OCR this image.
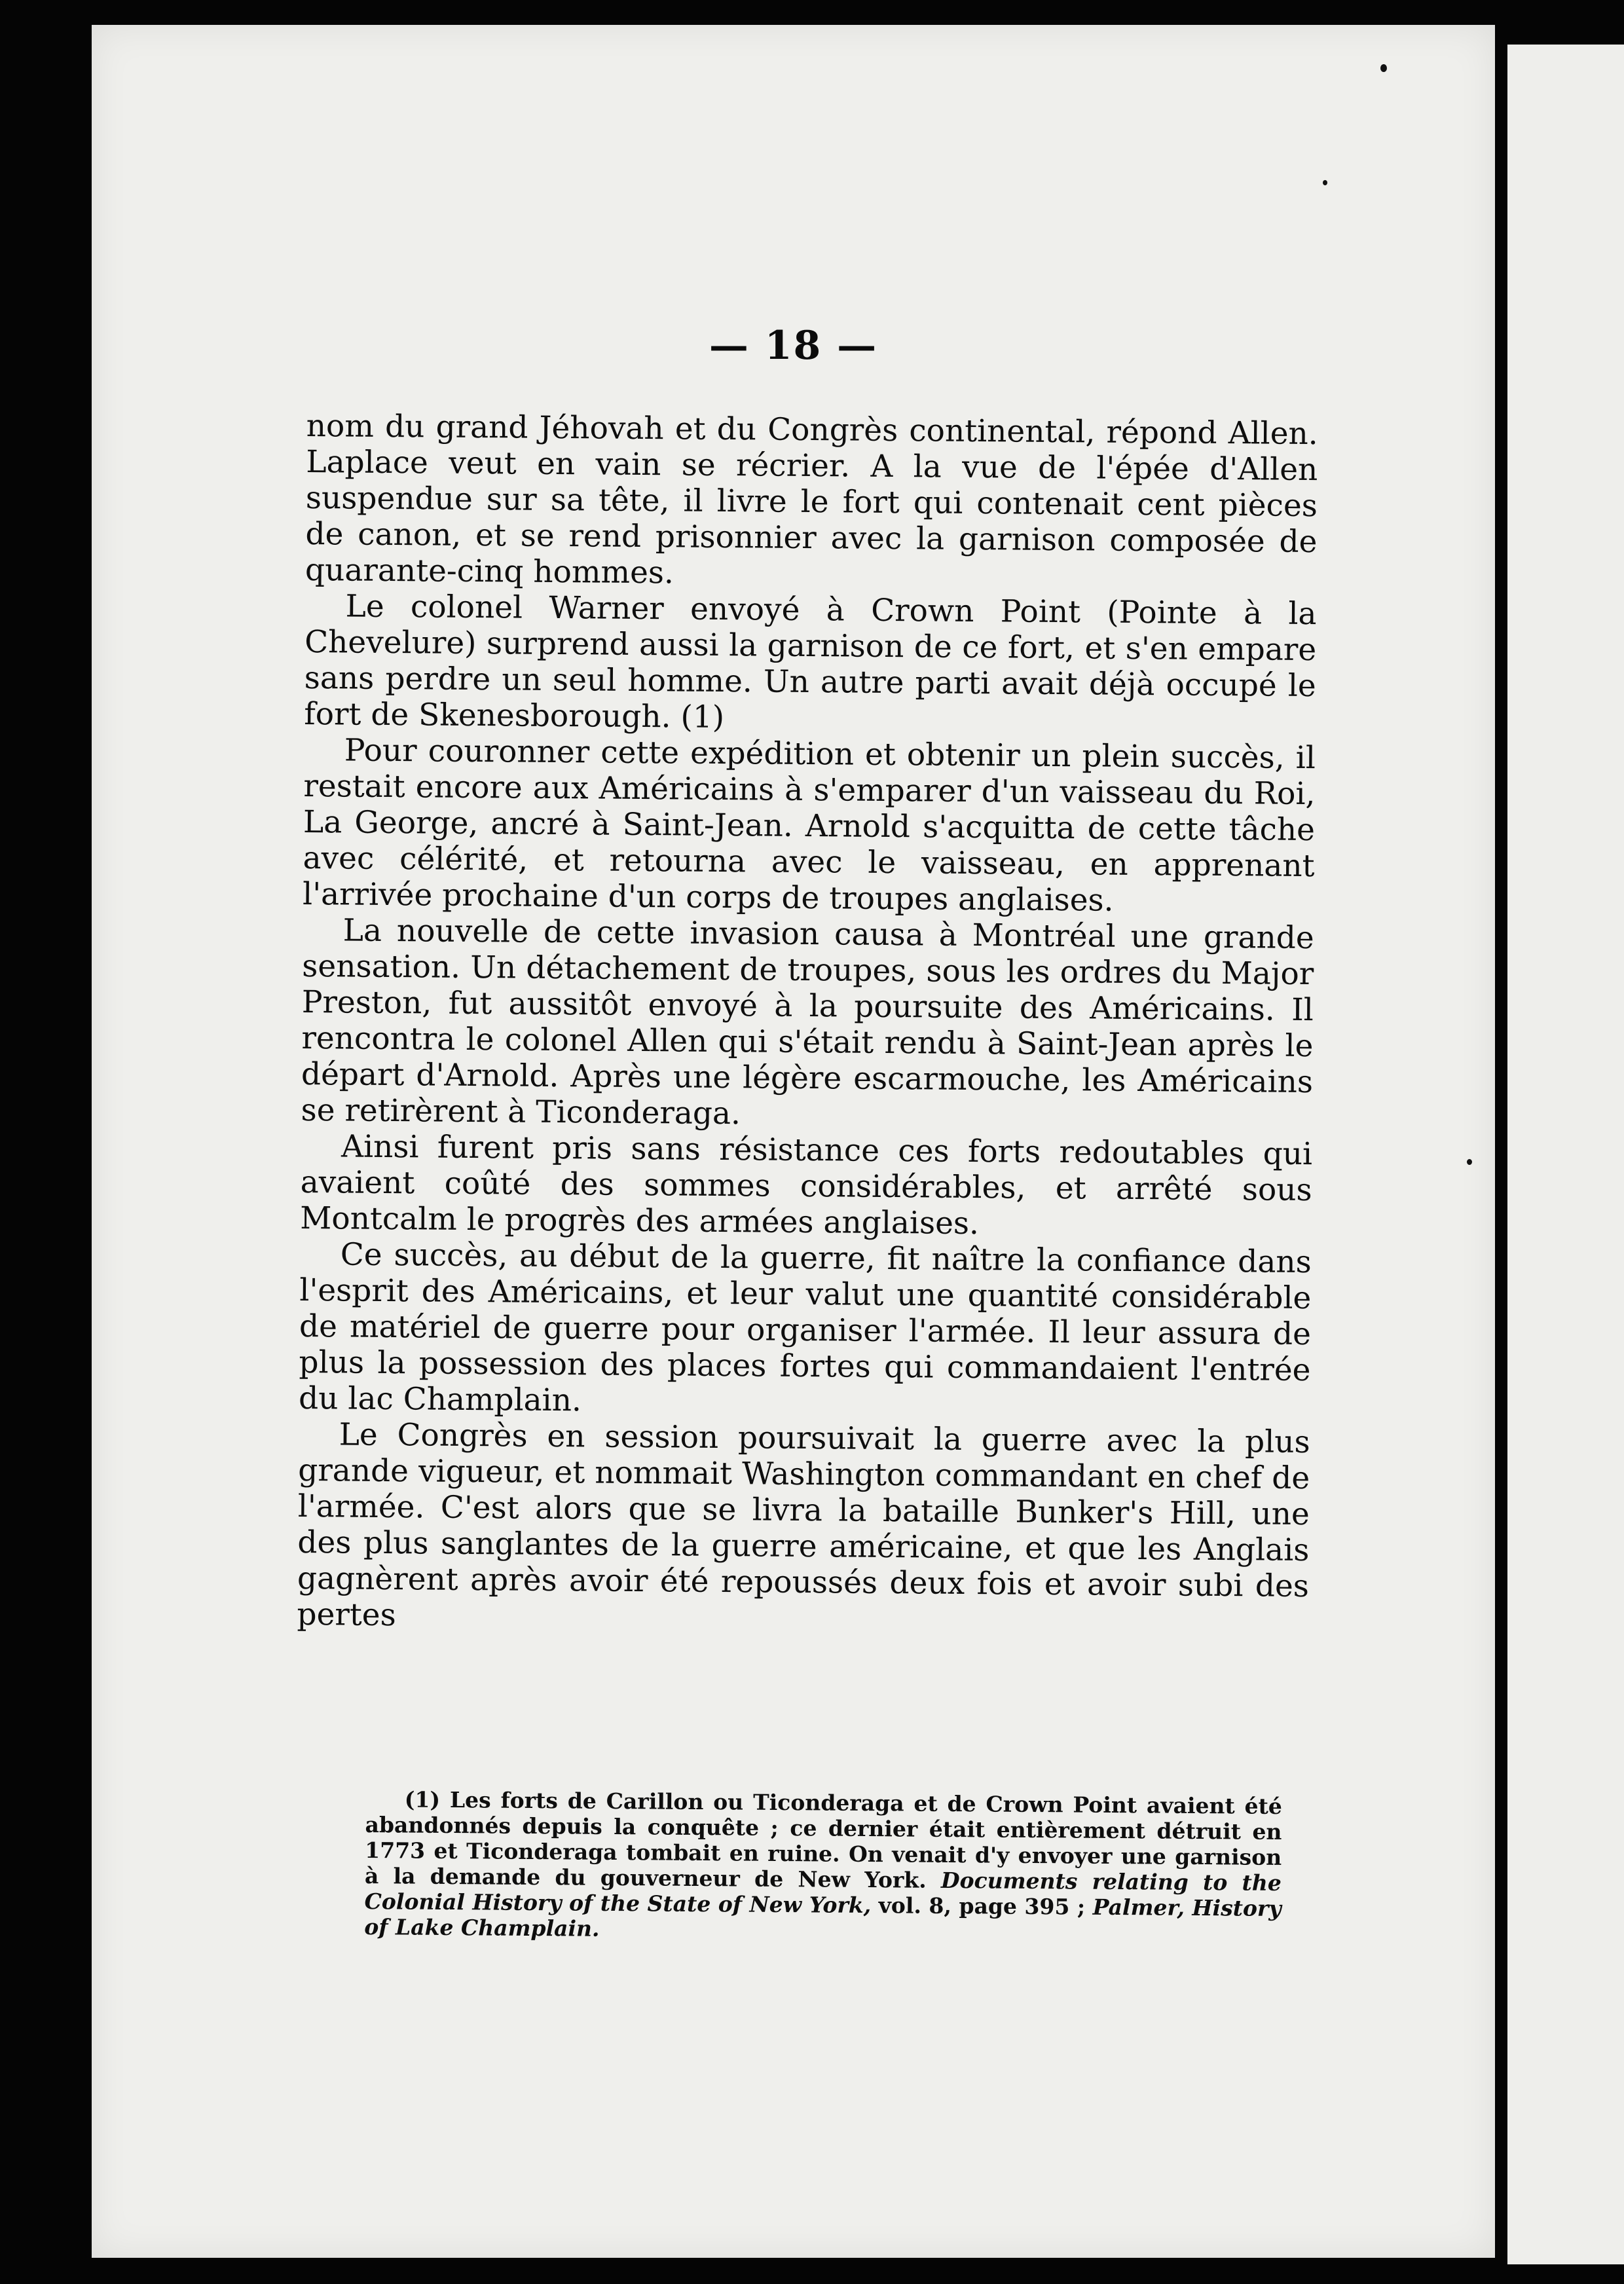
— 18 —

nom du grand Jéhovah et du Congrès continental, répond Allen. Laplace veut en vain se récrier. A la vue de l'épée d'Allen suspendue sur sa tête, il livre le fort qui contenait cent pièces de canon, et se rend prisonnier avec la garnison composée de quarante-cinq hommes.

Le colonel Warner envoyé à Crown Point (Pointe à la Chevelure) surprend aussi la garnison de ce fort, et s'en empare sans perdre un seul homme. Un autre parti avait déjà occupé le fort de Skenesborough. (1)

Pour couronner cette expédition et obtenir un plein succès, il restait encore aux Américains à s'emparer d'un vaisseau du Roi, La George, ancré à Saint-Jean. Arnold s'acquitta de cette tâche avec célérité, et retourna avec le vaisseau, en apprenant l'arrivée prochaine d'un corps de troupes anglaises.

La nouvelle de cette invasion causa à Montréal une grande sensation. Un détachement de troupes, sous les ordres du Major Preston, fut aussitôt envoyé à la poursuite des Américains. Il rencontra le colonel Allen qui s'était rendu à Saint-Jean après le départ d'Arnold. Après une légère escarmouche, les Américains se retirèrent à Ticonderaga.

Ainsi furent pris sans résistance ces forts redoutables qui avaient coûté des sommes considérables, et arrêté sous Montcalm le progrès des armées anglaises.

Ce succès, au début de la guerre, fit naître la confiance dans l'esprit des Américains, et leur valut une quantité considérable de matériel de guerre pour organiser l'armée. Il leur assura de plus la possession des places fortes qui commandaient l'entrée du lac Champlain.

Le Congrès en session poursuivait la guerre avec la plus grande vigueur, et nommait Washington commandant en chef de l'armée. C'est alors que se livra la bataille Bunker's Hill, une des plus sanglantes de la guerre américaine, et que les Anglais gagnèrent après avoir été repoussés deux fois et avoir subi des pertes

(1) Les forts de Carillon ou Ticonderaga et de Crown Point avaient été abandonnés depuis la conquête ; ce dernier était entièrement détruit en 1773 et Ticonderaga tombait en ruine. On venait d'y envoyer une garnison à la demande du gouverneur de New York. Documents relating to the Colonial History of the State of New York, vol. 8, page 395 ; Palmer, History of Lake Champlain.
